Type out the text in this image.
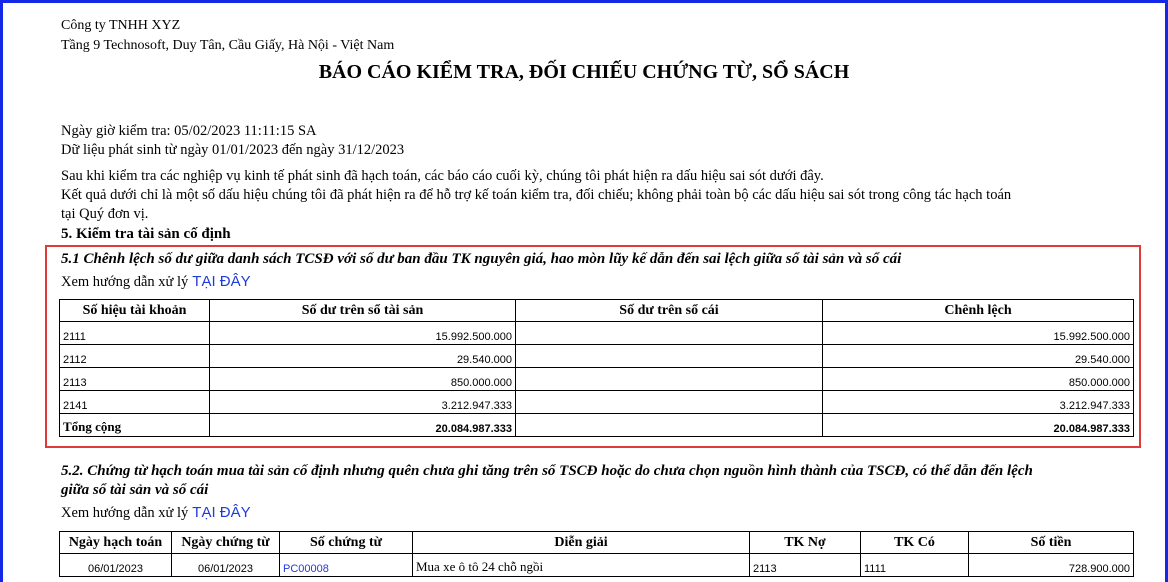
Công ty TNHH XYZ
Tầng 9 Technosoft, Duy Tân, Cầu Giấy, Hà Nội - Việt Nam
BÁO CÁO KIỂM TRA, ĐỐI CHIẾU CHỨNG TỪ, SỔ SÁCH
Ngày giờ kiểm tra: 05/02/2023 11:11:15 SA
Dữ liệu phát sinh từ ngày 01/01/2023 đến ngày 31/12/2023
Sau khi kiểm tra các nghiệp vụ kinh tế phát sinh đã hạch toán, các báo cáo cuối kỳ, chúng tôi phát hiện ra dấu hiệu sai sót dưới đây.
Kết quả dưới chỉ là một số dấu hiệu chúng tôi đã phát hiện ra để hỗ trợ kế toán kiểm tra, đối chiếu; không phải toàn bộ các dấu hiệu sai sót trong công tác hạch toán
tại Quý đơn vị.
5. Kiểm tra tài sản cố định
5.1 Chênh lệch số dư giữa danh sách TCSĐ với số dư ban đầu TK nguyên giá, hao mòn lũy kế dẫn đến sai lệch giữa sổ tài sản và sổ cái
Xem hướng dẫn xử lý TẠI ĐÂY
Số hiệu tài khoản	Số dư trên sổ tài sản	Số dư trên sổ cái	Chênh lệch
2111	15.992.500.000		15.992.500.000
2112	29.540.000		29.540.000
2113	850.000.000		850.000.000
2141	3.212.947.333		3.212.947.333
Tổng cộng	20.084.987.333		20.084.987.333
5.2. Chứng từ hạch toán mua tài sản cố định nhưng quên chưa ghi tăng trên sổ TSCĐ hoặc do chưa chọn nguồn hình thành của TSCĐ, có thể dẫn đến lệch
giữa sổ tài sản và sổ cái
Xem hướng dẫn xử lý TẠI ĐÂY
Ngày hạch toán	Ngày chứng từ	Số chứng từ	Diễn giải	TK Nợ	TK Có	Số tiền
06/01/2023	06/01/2023	PC00008	Mua xe ô tô 24 chỗ ngồi	2113	1111	728.900.000
